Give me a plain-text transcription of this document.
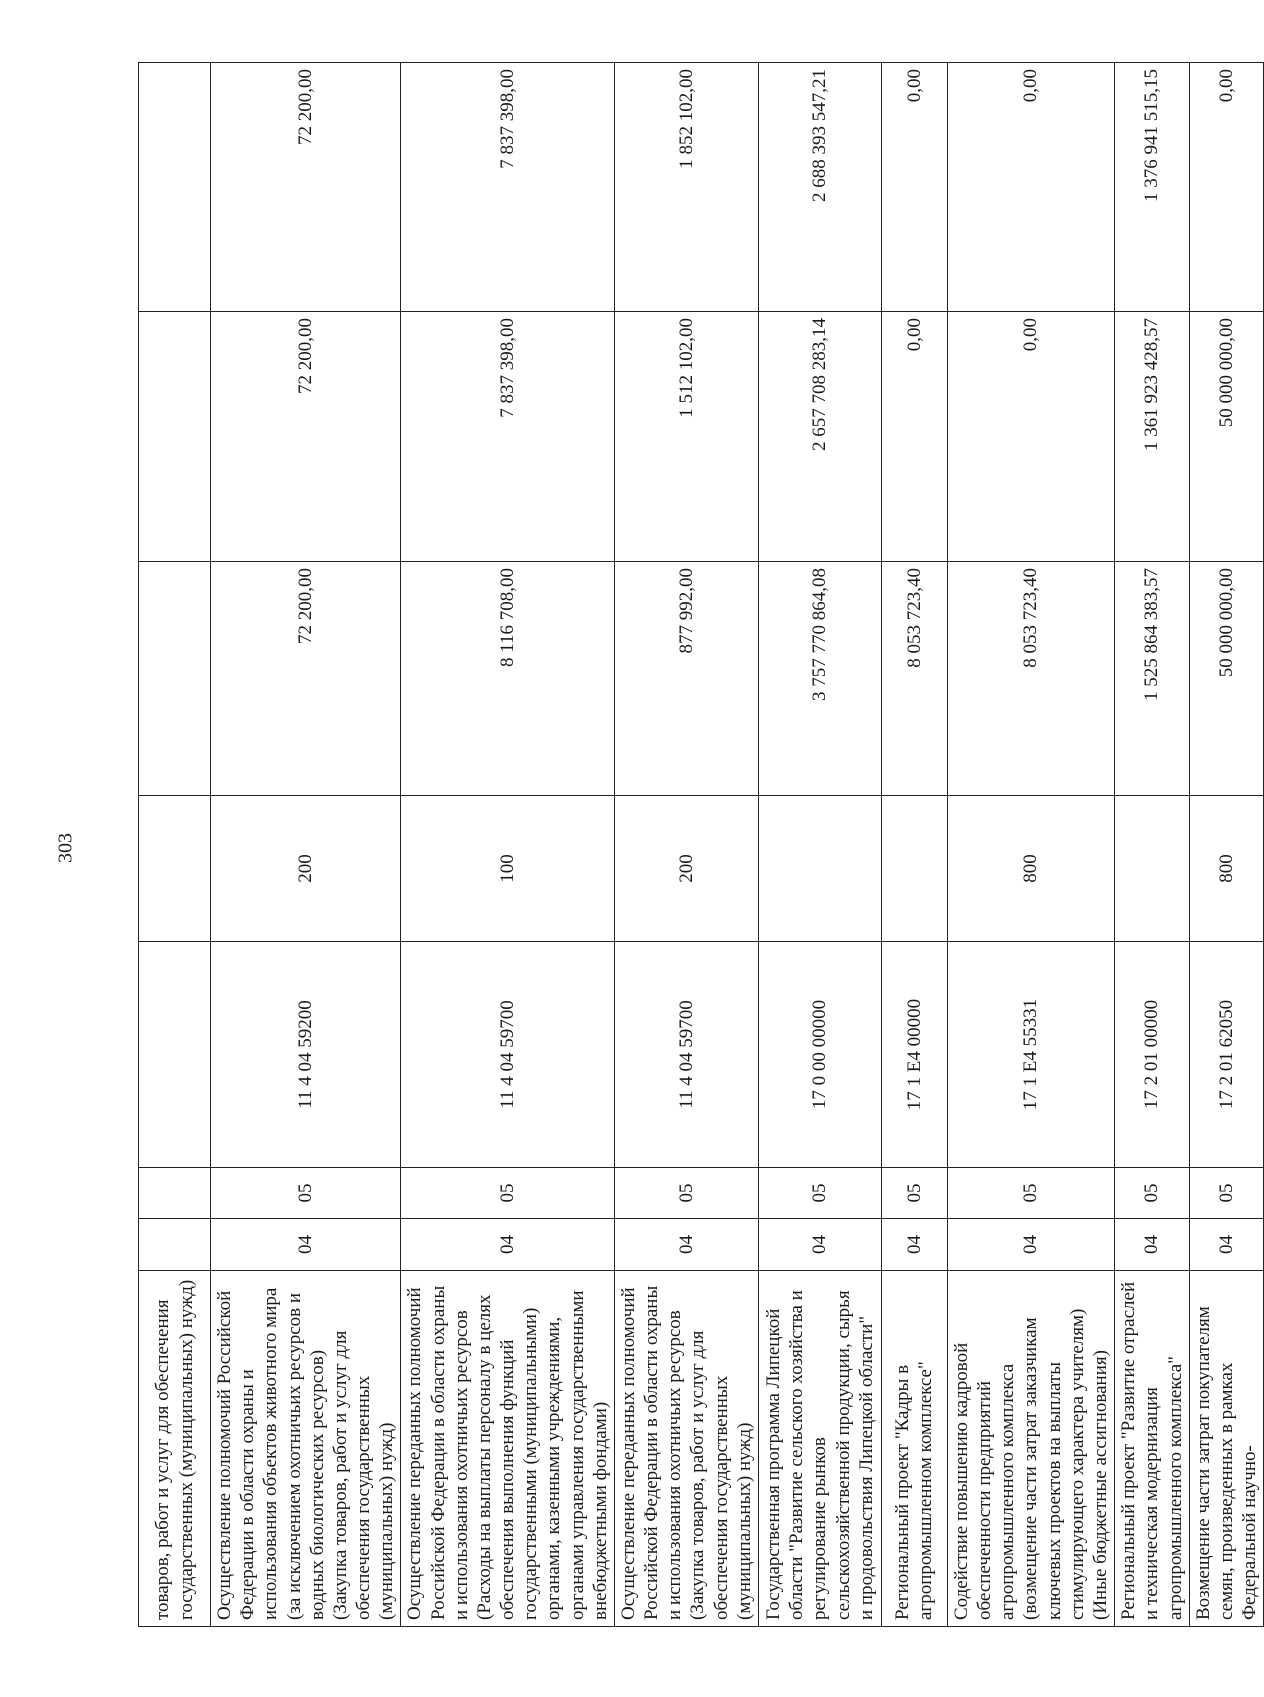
303
товаров, работ и услуг для обеспечения государственных (муниципальных) нужд)							
Осуществление полномочий Российской Федерации в области охраны и использования объектов животного мира (за исключением охотничьих ресурсов и водных биологических ресурсов) (Закупка товаров, работ и услуг для обеспечения государственных (муниципальных) нужд)	04	05	11 4 04 59200	200	72 200,00	72 200,00	72 200,00
Осуществление переданных полномочий Российской Федерации в области охраны и использования охотничьих ресурсов (Расходы на выплаты персоналу в целях обеспечения выполнения функций государственными (муниципальными) органами, казенными учреждениями, органами управления государственными внебюджетными фондами)	04	05	11 4 04 59700	100	8 116 708,00	7 837 398,00	7 837 398,00
Осуществление переданных полномочий Российской Федерации в области охраны и использования охотничьих ресурсов (Закупка товаров, работ и услуг для обеспечения государственных (муниципальных) нужд)	04	05	11 4 04 59700	200	877 992,00	1 512 102,00	1 852 102,00
Государственная программа Липецкой области "Развитие сельского хозяйства и регулирование рынков сельскохозяйственной продукции, сырья и продовольствия Липецкой области"	04	05	17 0 00 00000		3 757 770 864,08	2 657 708 283,14	2 688 393 547,21
Региональный проект "Кадры в агропромышленном комплексе"	04	05	17 1 E4 00000		8 053 723,40	0,00	0,00
Содействие повышению кадровой обеспеченности предприятий агропромышленного комплекса (возмещение части затрат заказчикам ключевых проектов на выплаты стимулирующего характера учителям) (Иные бюджетные ассигнования)	04	05	17 1 E4 55331	800	8 053 723,40	0,00	0,00
Региональный проект "Развитие отраслей и техническая модернизация агропромышленного комплекса"	04	05	17 2 01 00000		1 525 864 383,57	1 361 923 428,57	1 376 941 515,15
Возмещение части затрат покупателям семян, произведенных в рамках Федеральной научно-	04	05	17 2 01 62050	800	50 000 000,00	50 000 000,00	0,00
